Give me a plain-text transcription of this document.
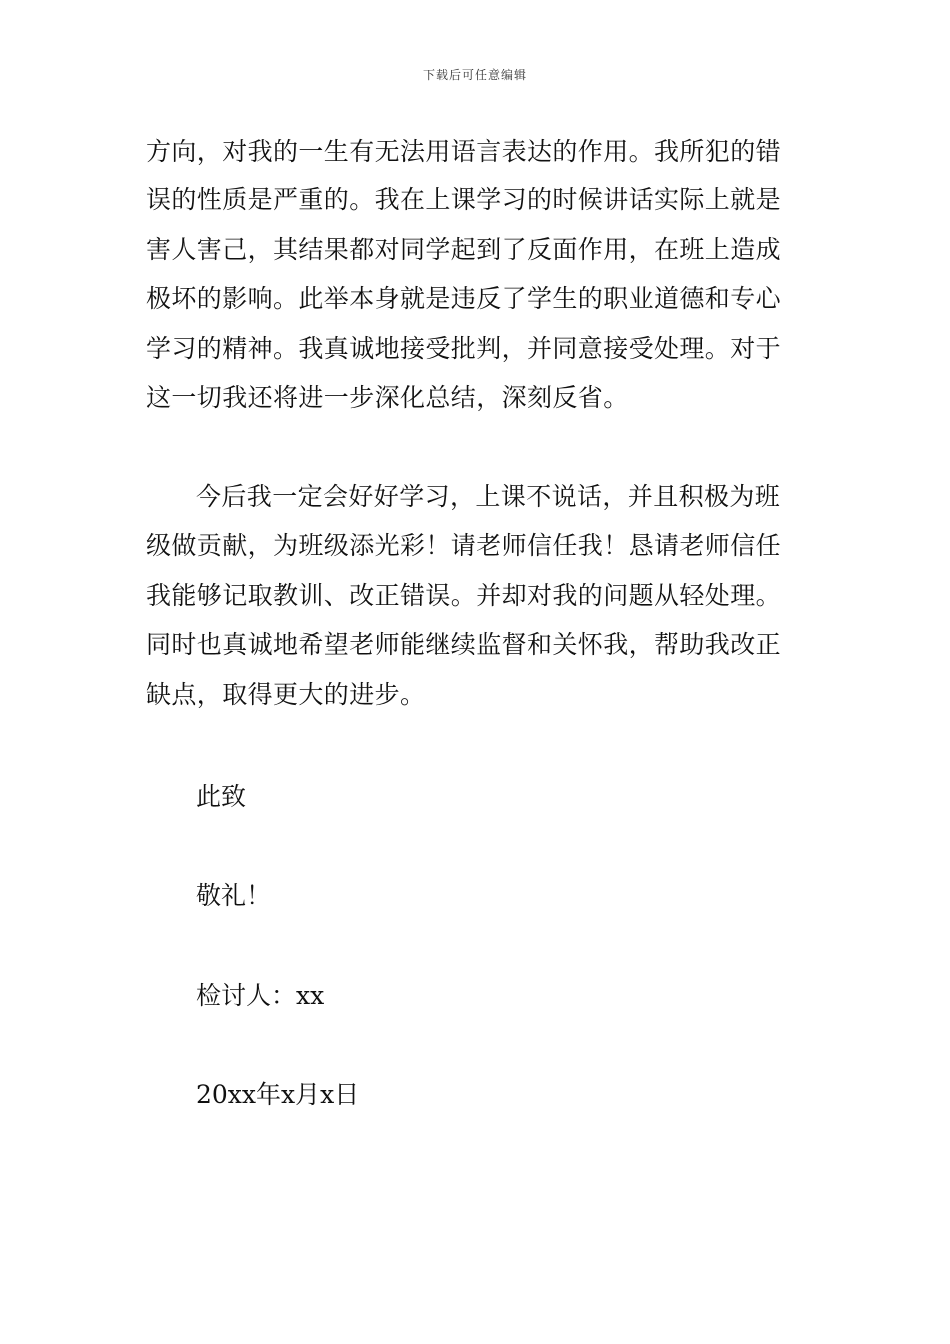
下载后可任意编辑
方向，对我的一生有无法用语言表达的作用。我所犯的错
误的性质是严重的。我在上课学习的时候讲话实际上就是
害人害己，其结果都对同学起到了反面作用，在班上造成
极坏的影响。此举本身就是违反了学生的职业道德和专心
学习的精神。我真诚地接受批判，并同意接受处理。对于
这一切我还将进一步深化总结，深刻反省。
今后我一定会好好学习，上课不说话，并且积极为班
级做贡献，为班级添光彩！请老师信任我！恳请老师信任
我能够记取教训、改正错误。并却对我的问题从轻处理。
同时也真诚地希望老师能继续监督和关怀我，帮助我改正
缺点，取得更大的进步。
此致
敬礼！
检讨人：xx
20xx年x月x日
